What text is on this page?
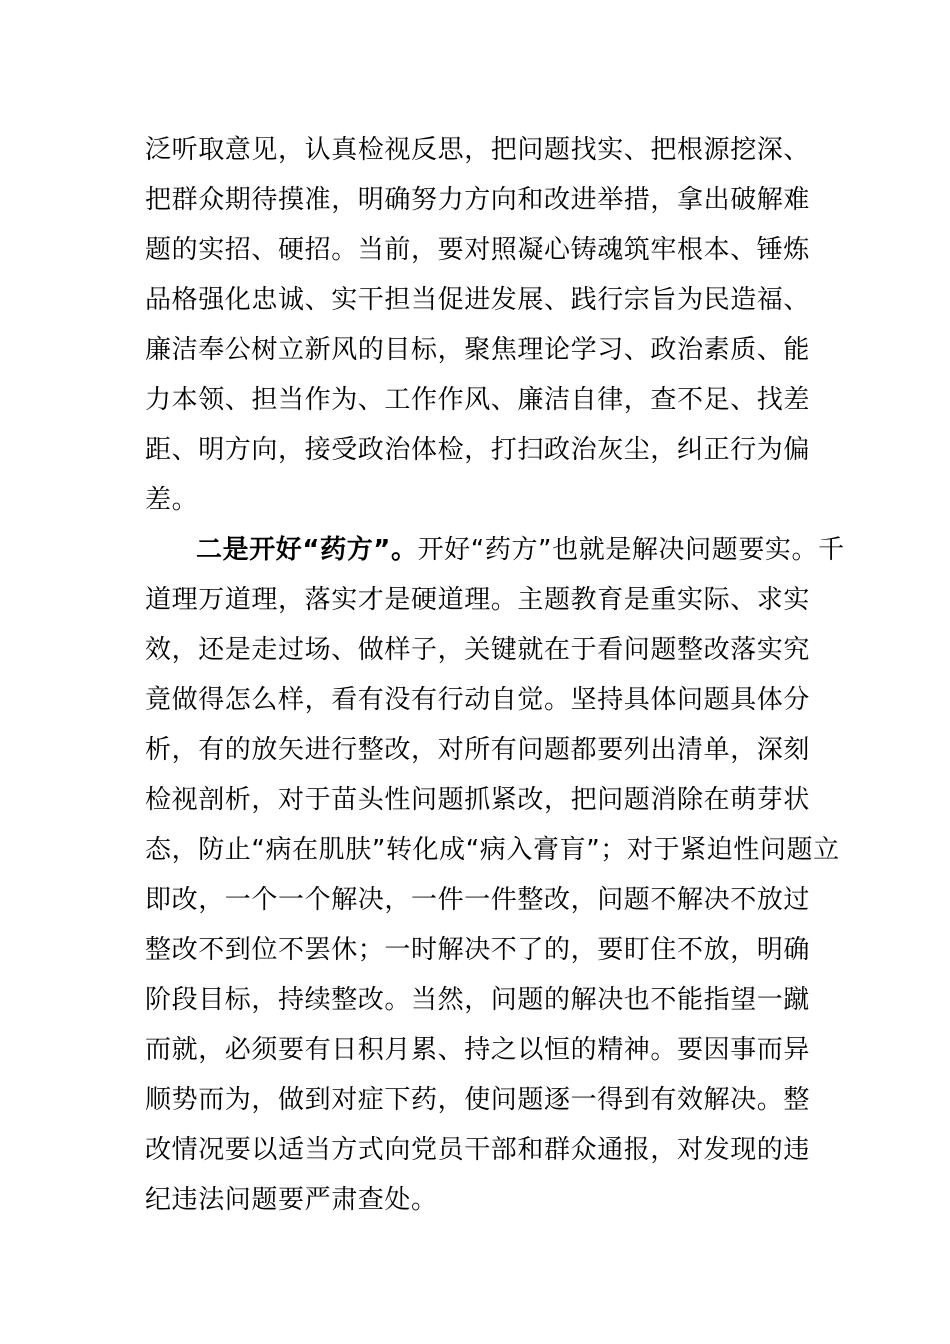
泛听取意见，认真检视反思，把问题找实、把根源挖深、
把群众期待摸准，明确努力方向和改进举措，拿出破解难
题的实招、硬招。当前，要对照凝心铸魂筑牢根本、锤炼
品格强化忠诚、实干担当促进发展、践行宗旨为民造福、
廉洁奉公树立新风的目标，聚焦理论学习、政治素质、能
力本领、担当作为、工作作风、廉洁自律，查不足、找差
距、明方向，接受政治体检，打扫政治灰尘，纠正行为偏
差。
二是开好“药方”。开好“药方”也就是解决问题要实。千
道理万道理，落实才是硬道理。主题教育是重实际、求实
效，还是走过场、做样子，关键就在于看问题整改落实究
竟做得怎么样，看有没有行动自觉。坚持具体问题具体分
析，有的放矢进行整改，对所有问题都要列出清单，深刻
检视剖析，对于苗头性问题抓紧改，把问题消除在萌芽状
态，防止“病在肌肤”转化成“病入膏肓”；对于紧迫性问题立
即改，一个一个解决，一件一件整改，问题不解决不放过
整改不到位不罢休；一时解决不了的，要盯住不放，明确
阶段目标，持续整改。当然，问题的解决也不能指望一蹴
而就，必须要有日积月累、持之以恒的精神。要因事而异
顺势而为，做到对症下药，使问题逐一得到有效解决。整
改情况要以适当方式向党员干部和群众通报，对发现的违
纪违法问题要严肃查处。
